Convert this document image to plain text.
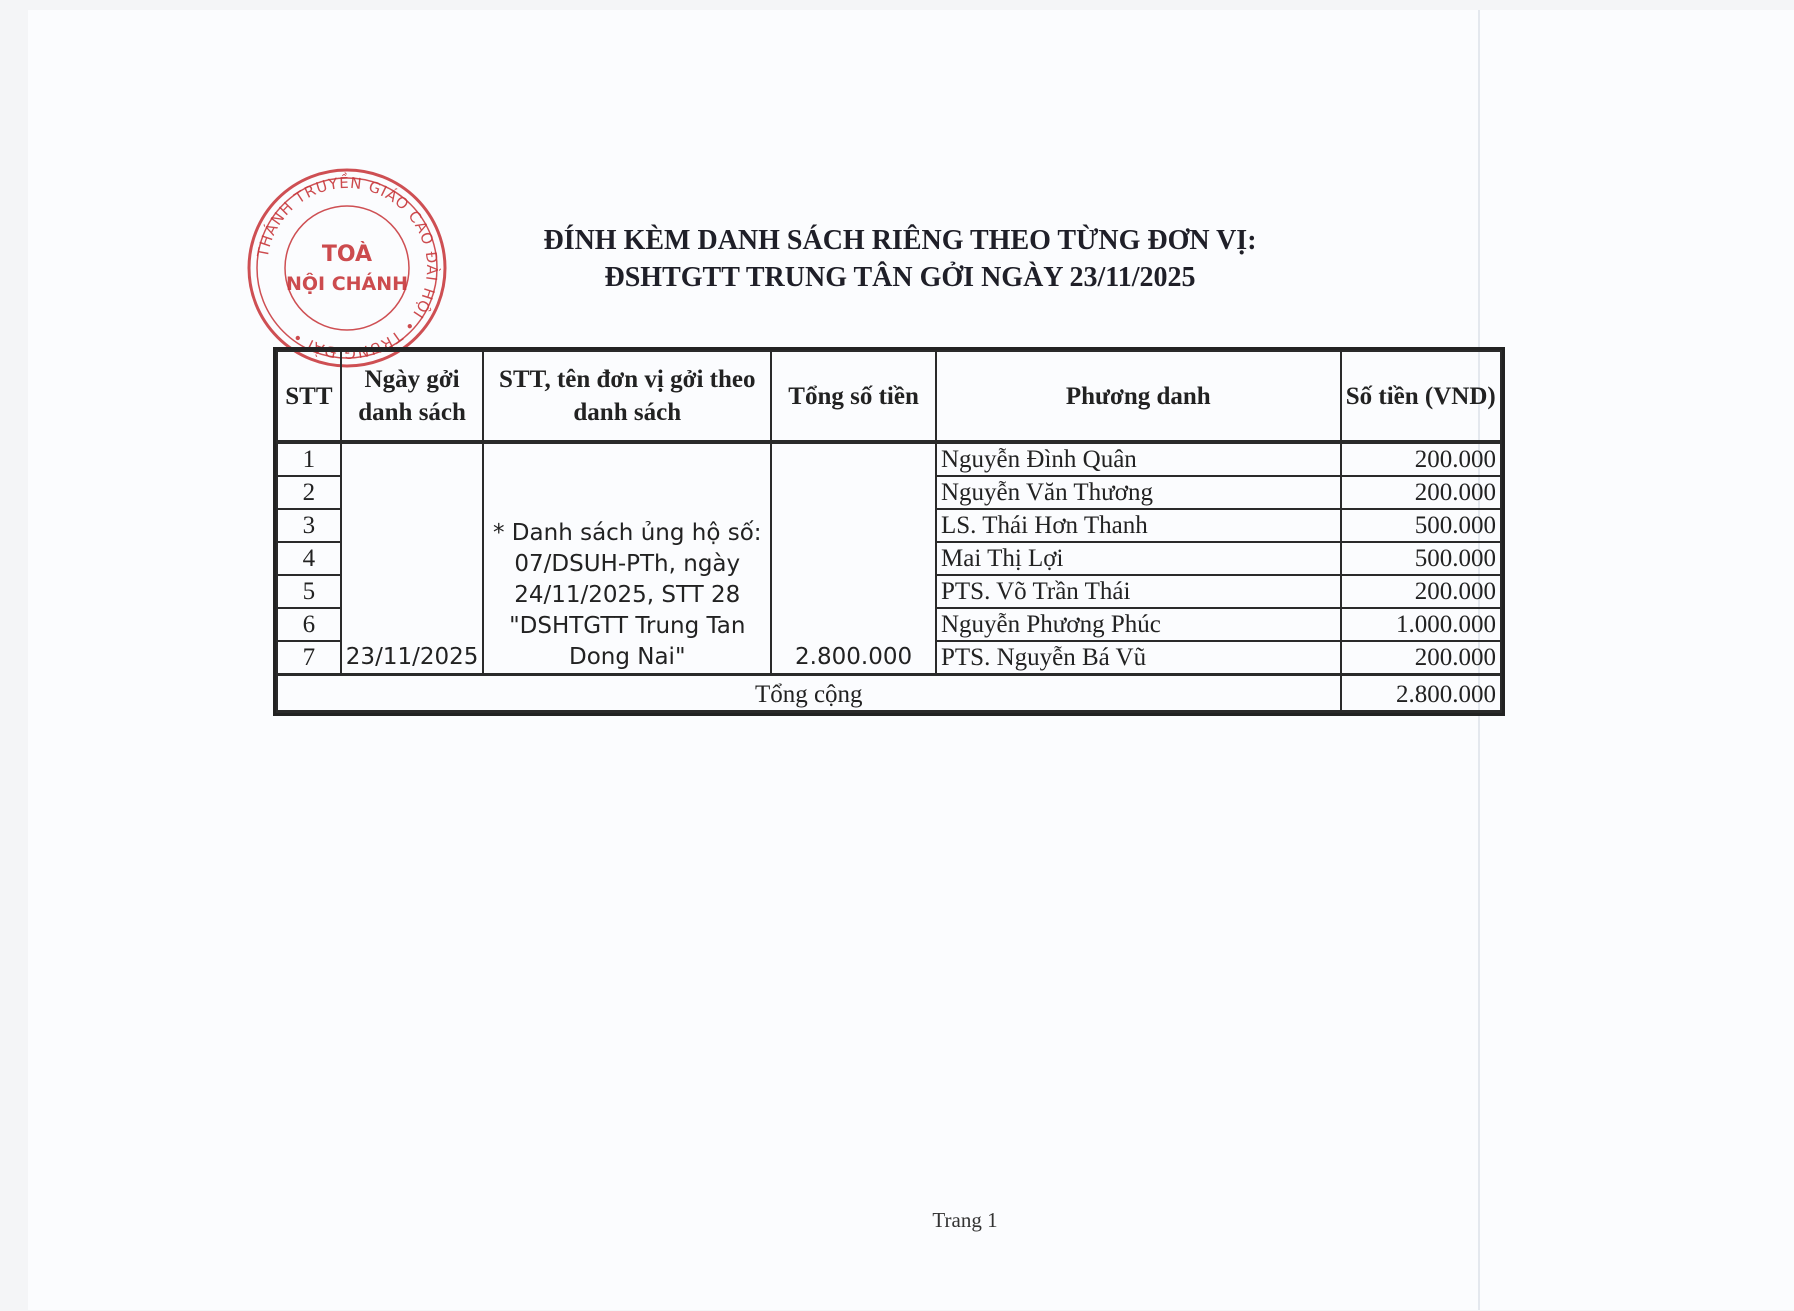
THÁNH TRUYỀN GIÁO CAO ĐÀI HỘI • TRUNG ĐÀI •
TOÀ
NỘI CHÁNH
ĐÍNH KÈM DANH SÁCH RIÊNG THEO TỪNG ĐƠN VỊ:
ĐSHTGTT TRUNG TÂN GỞI NGÀY 23/11/2025
STT	Ngày gởi danh sách	STT, tên đơn vị gởi theo danh sách	Tổng số tiền	Phương danh	Số tiền (VND)
1	23/11/2025	* Danh sách ủng hộ số: 07/DSUH-PTh, ngày 24/11/2025, STT 28 "DSHTGTT Trung Tan Dong Nai"	2.800.000	Nguyễn Đình Quân	200.000
2				Nguyễn Văn Thương	200.000
3				LS. Thái Hơn Thanh	500.000
4				Mai Thị Lợi	500.000
5				PTS. Võ Trần Thái	200.000
6				Nguyễn Phương Phúc	1.000.000
7				PTS. Nguyễn Bá Vũ	200.000
Tổng cộng					2.800.000
Trang 1
